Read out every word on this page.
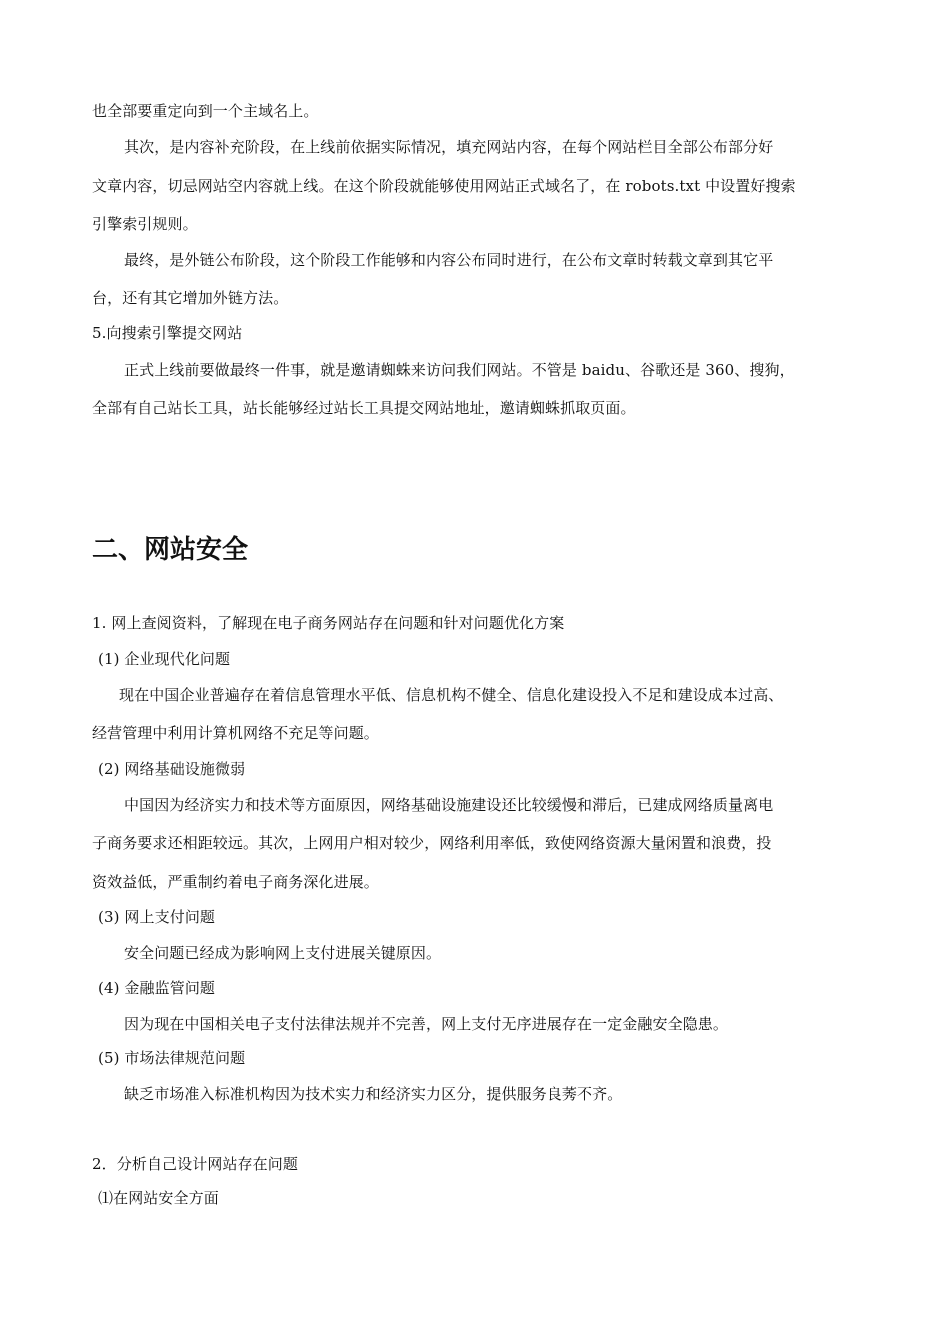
也全部要重定向到一个主域名上。
其次，是内容补充阶段，在上线前依据实际情况，填充网站内容，在每个网站栏目全部公布部分好
文章内容，切忌网站空内容就上线。在这个阶段就能够使用网站正式域名了，在 robots.txt 中设置好搜索
引擎索引规则。
最终，是外链公布阶段，这个阶段工作能够和内容公布同时进行，在公布文章时转载文章到其它平
台，还有其它增加外链方法。
5.向搜索引擎提交网站
正式上线前要做最终一件事，就是邀请蜘蛛来访问我们网站。不管是 baidu、谷歌还是 360、搜狗，
全部有自己站长工具，站长能够经过站长工具提交网站地址，邀请蜘蛛抓取页面。
二、网站安全
1. 网上查阅资料，了解现在电子商务网站存在问题和针对问题优化方案
(1) 企业现代化问题
现在中国企业普遍存在着信息管理水平低、信息机构不健全、信息化建设投入不足和建设成本过高、
经营管理中利用计算机网络不充足等问题。
(2) 网络基础设施微弱
中国因为经济实力和技术等方面原因，网络基础设施建设还比较缓慢和滞后，已建成网络质量离电
子商务要求还相距较远。其次，上网用户相对较少，网络利用率低，致使网络资源大量闲置和浪费，投
资效益低，严重制约着电子商务深化进展。
(3) 网上支付问题
安全问题已经成为影响网上支付进展关键原因。
(4) 金融监管问题
因为现在中国相关电子支付法律法规并不完善，网上支付无序进展存在一定金融安全隐患。
(5) 市场法律规范问题
缺乏市场准入标准机构因为技术实力和经济实力区分，提供服务良莠不齐。
2．分析自己设计网站存在问题
⑴在网站安全方面
